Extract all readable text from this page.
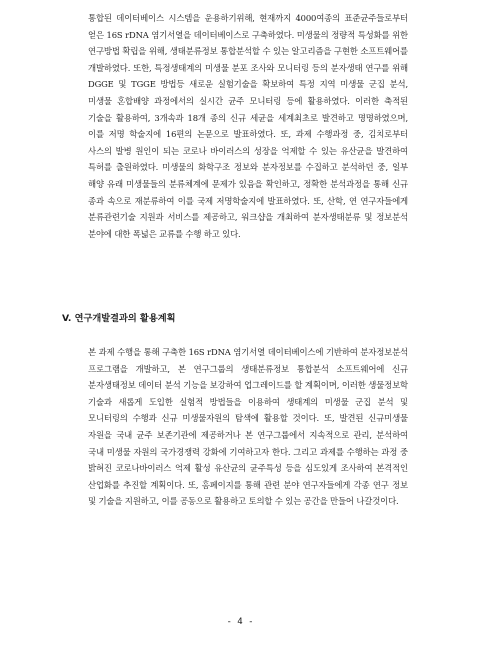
통합된 데이터베이스 시스템을 운용하기위해, 현재까지 4000여종의 표준균주들로부터 얻은 16S rDNA 염기서열을 데이터베이스로 구축하였다. 미생물의 정량적 특성화를 위한 연구방법 확립을 위해, 생태분류정보 통합분석할 수 있는 알고리즘을 구현한 소프트웨어를 개발하였다. 또한, 특정생태계의 미생물 분포 조사와 모니터링 등의 분자생태 연구를 위해 DGGE 및 TGGE 방법등 새로운 실험기술을 확보하여 특정 지역 미생물 군집 분석, 미생물 혼합배양 과정에서의 실시간 균주 모니터링 등에 활용하였다. 이러한 축적된 기술을 활용하여, 3개속과 18개 종의 신규 세균을 세계최초로 발견하고 명명하였으며, 이를 저명 학술지에 16편의 논문으로 발표하였다. 또, 과제 수행과정 중, 김치로부터 사스의 발병 원인이 되는 코로나 바이러스의 성장을 억제할 수 있는 유산균을 발견하여 특허를 출원하였다. 미생물의 화학구조 정보와 분자정보를 수집하고 분석하던 중, 일부 해양 유래 미생물들의 분류체계에 문제가 있음을 확인하고, 정확한 분석과정을 통해 신규 종과 속으로 재분류하여 이를 국제 저명학술지에 발표하였다. 또, 산학, 연 연구자들에게 분류관련기술 지원과 서비스를 제공하고, 워크샵을 개최하여 분자생태분류 및 정보분석 분야에 대한 폭넓은 교류를 수행 하고 있다.

V. 연구개발결과의 활용계획

본 과제 수행을 통해 구축한 16S rDNA 염기서열 데이터베이스에 기반하여 분자정보분석 프로그램을 개발하고, 본 연구그룹의 생태분류정보 통합분석 소프트웨어에 신규 분자생태정보 데이터 분석 기능을 보강하여 업그레이드를 할 계획이며, 이러한 생물정보학 기술과 새롭게 도입한 실험적 방법들을 이용하여 생태계의 미생물 군집 분석 및 모니터링의 수행과 신규 미생물자원의 탐색에 활용할 것이다. 또, 발견된 신규미생물 자원을 국내 균주 보존기관에 제공하거나 본 연구그룹에서 지속적으로 관리, 분석하여 국내 미생물 자원의 국가경쟁력 강화에 기여하고자 한다. 그리고 과제를 수행하는 과정 중 밝혀진 코로나바이러스 억제 활성 유산균의 균주특성 등을 심도있게 조사하여 본격적인 산업화를 추진할 계획이다. 또, 홈페이지를 통해 관련 분야 연구자들에게 각종 연구 정보 및 기술을 지원하고, 이를 공동으로 활용하고 토의할 수 있는 공간을 만들어 나갈것이다.

- 4 -
